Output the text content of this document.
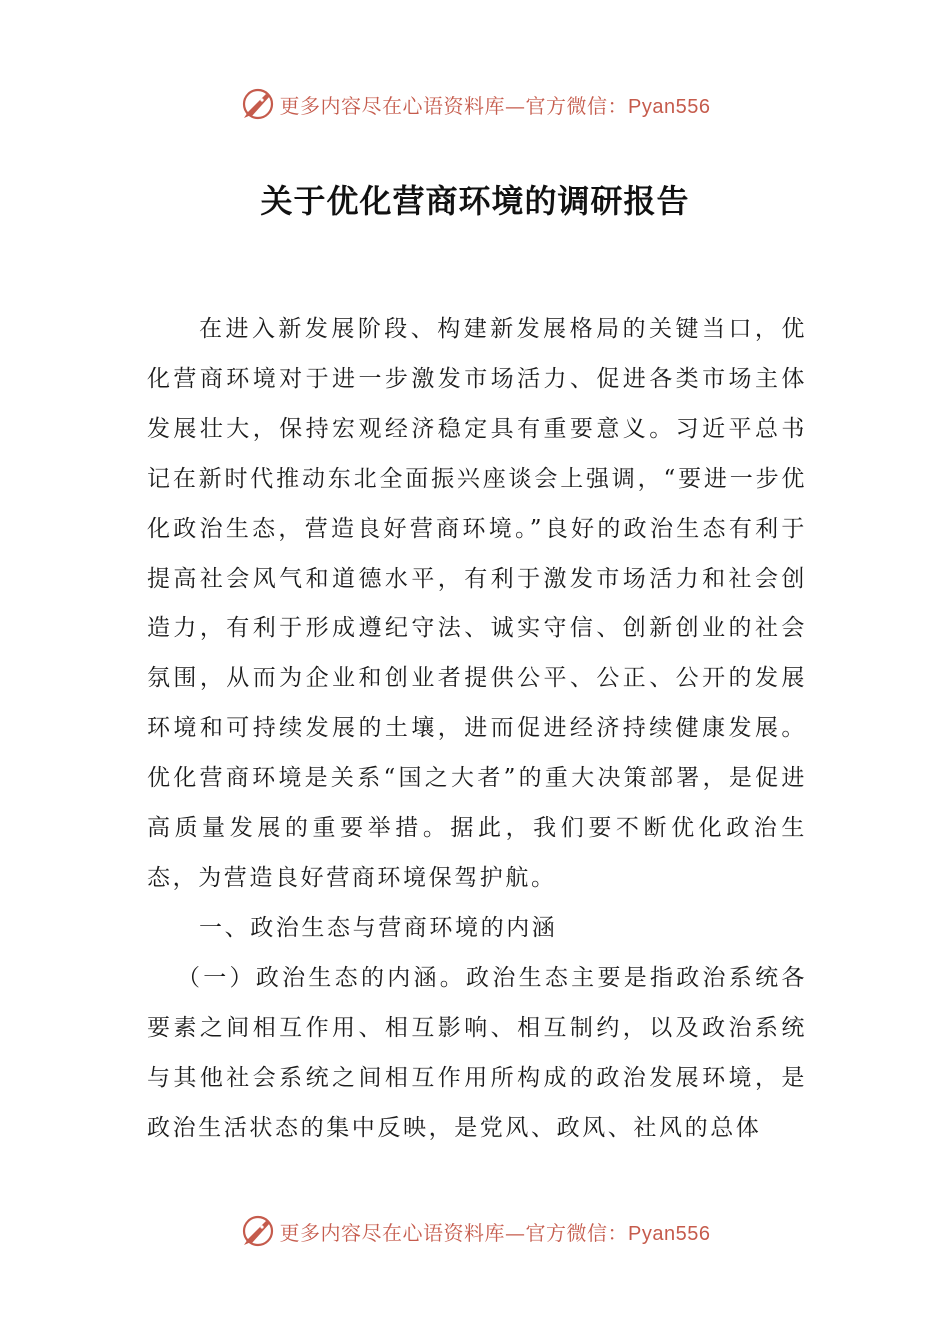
更多内容尽在心语资料库—官方微信：Pyan556
关于优化营商环境的调研报告

在进入新发展阶段、构建新发展格局的关键当口，优化营商环境对于进一步激发市场活力、促进各类市场主体发展壮大，保持宏观经济稳定具有重要意义。习近平总书记在新时代推动东北全面振兴座谈会上强调，“要进一步优化政治生态，营造良好营商环境。”良好的政治生态有利于提高社会风气和道德水平，有利于激发市场活力和社会创造力，有利于形成遵纪守法、诚实守信、创新创业的社会氛围，从而为企业和创业者提供公平、公正、公开的发展环境和可持续发展的土壤，进而促进经济持续健康发展。优化营商环境是关系“国之大者”的重大决策部署，是促进高质量发展的重要举措。据此，我们要不断优化政治生态，为营造良好营商环境保驾护航。

一、政治生态与营商环境的内涵

（一）政治生态的内涵。政治生态主要是指政治系统各要素之间相互作用、相互影响、相互制约，以及政治系统与其他社会系统之间相互作用所构成的政治发展环境，是政治生活状态的集中反映，是党风、政风、社风的总体

更多内容尽在心语资料库—官方微信：Pyan556
